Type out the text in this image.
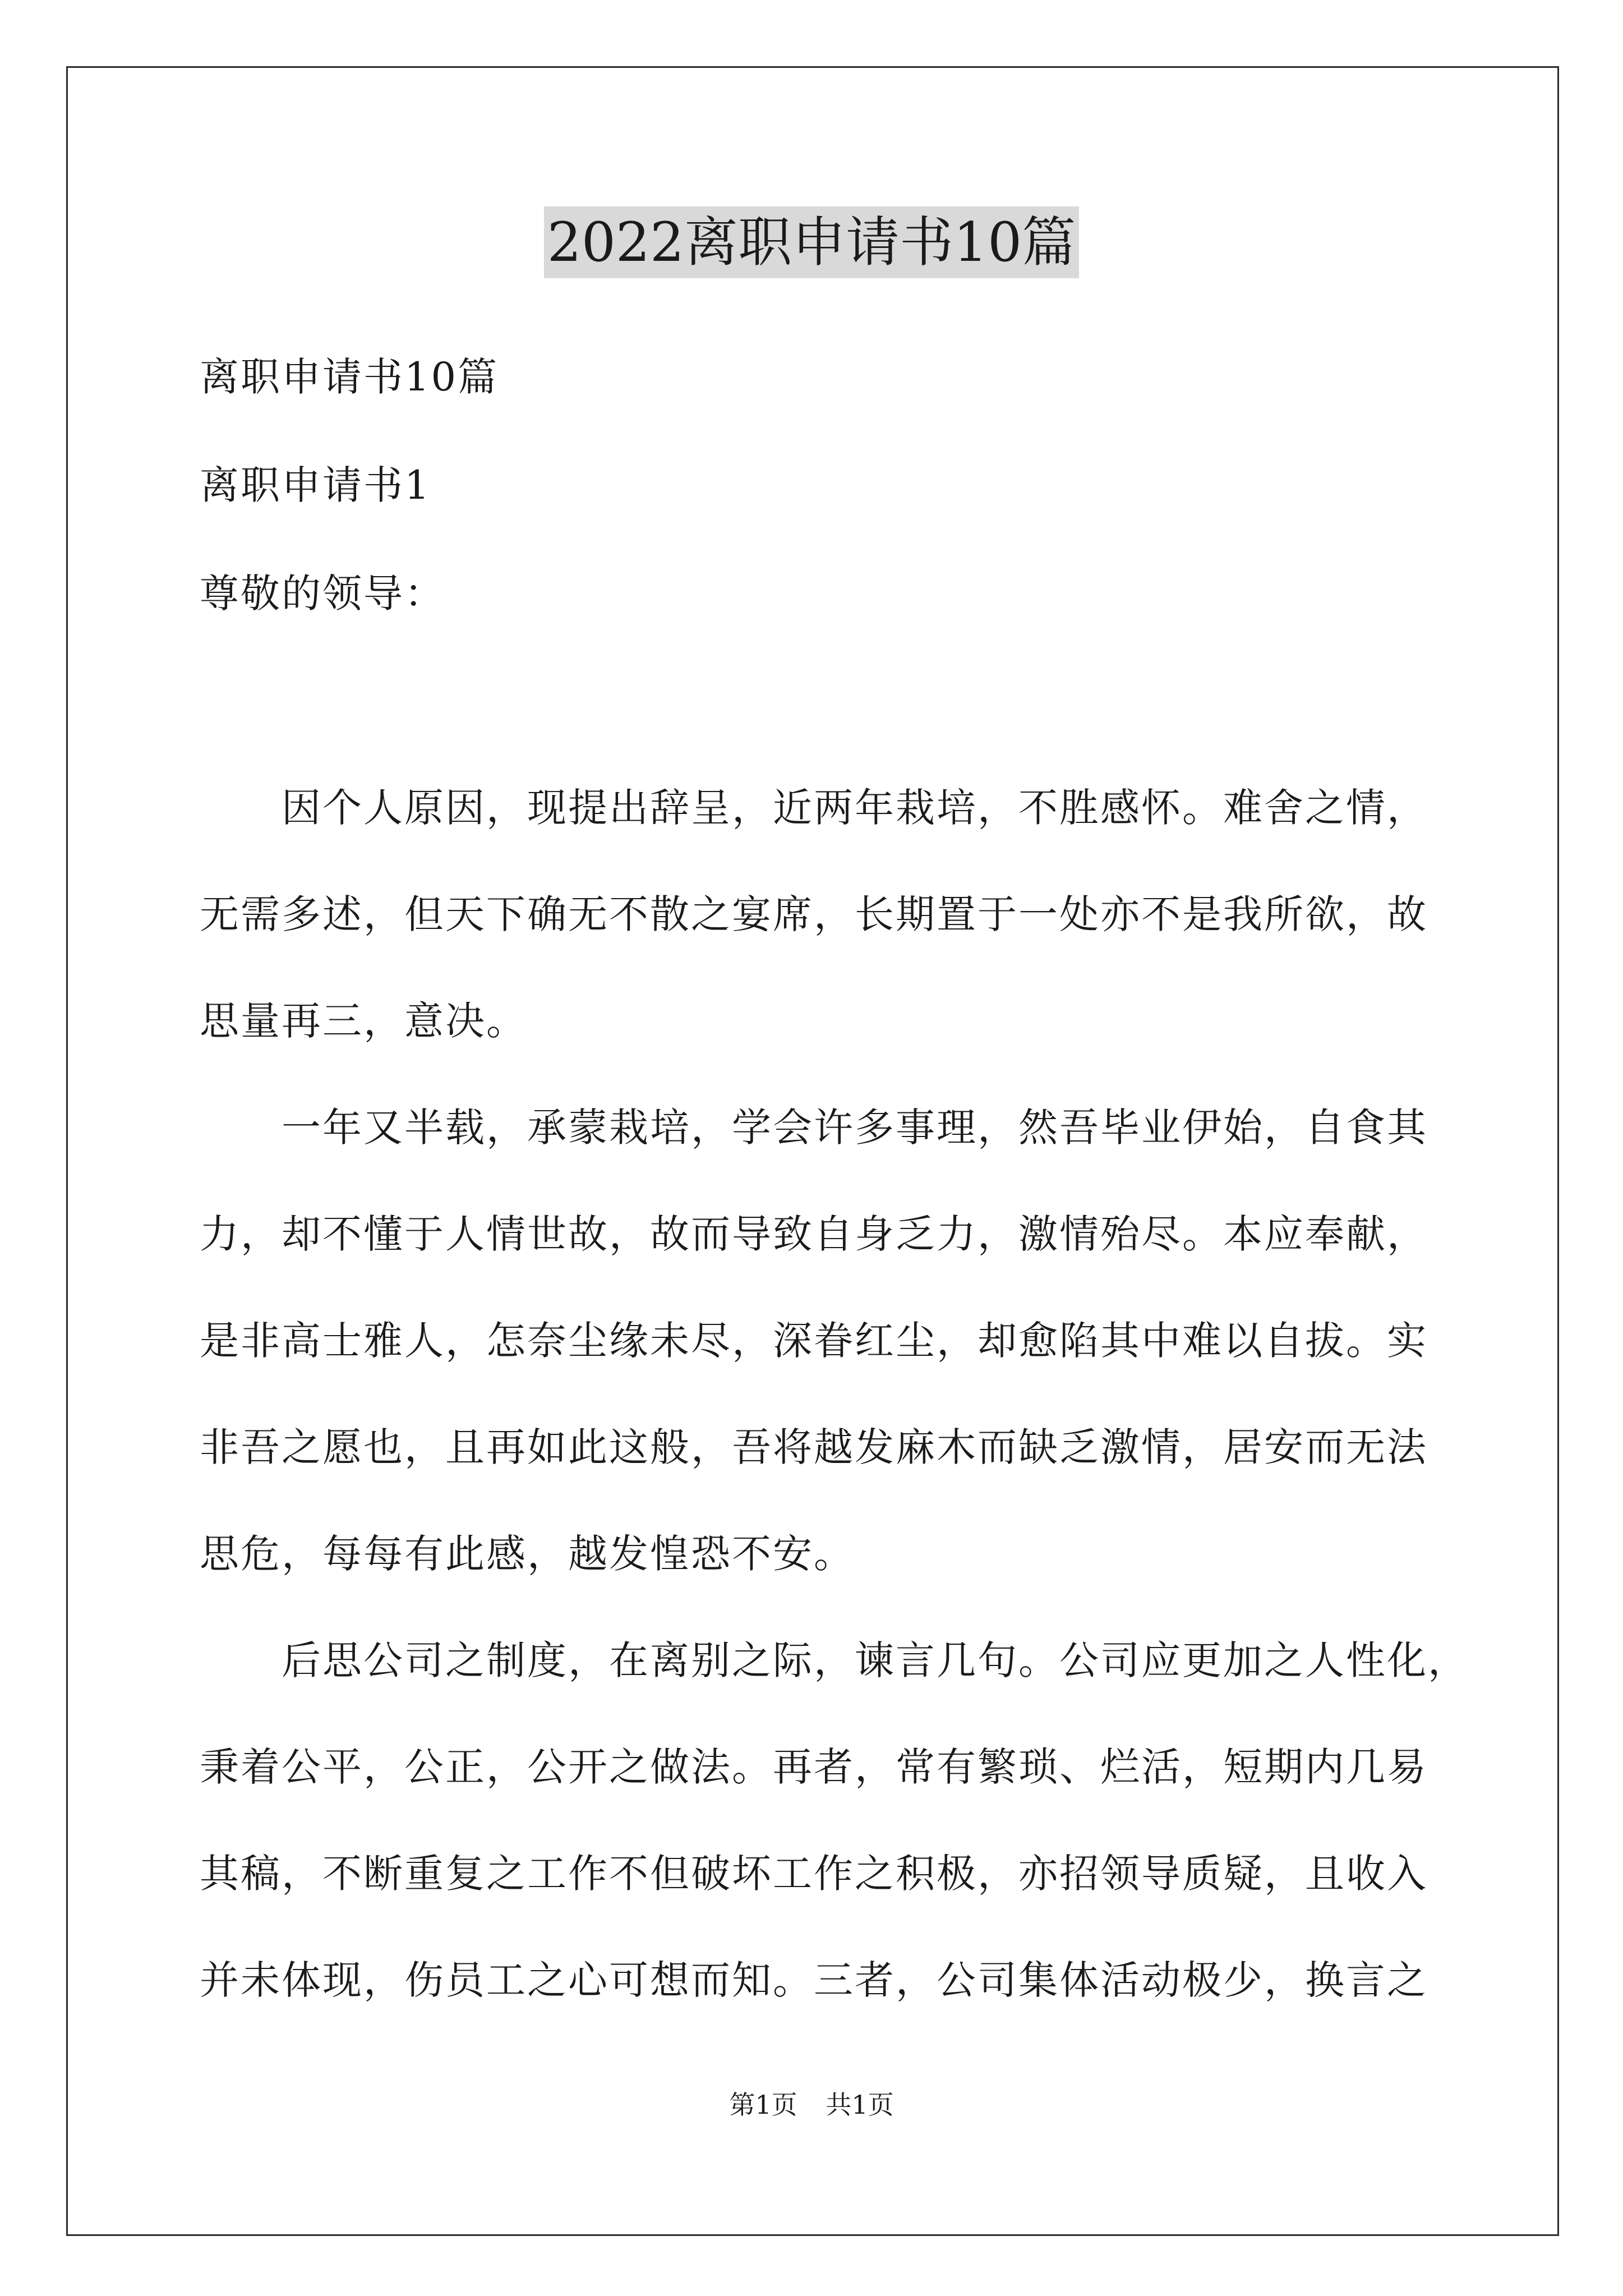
2022离职申请书10篇
离职申请书10篇
离职申请书1
尊敬的领导：
因个人原因，现提出辞呈，近两年栽培，不胜感怀。难舍之情，
无需多述，但天下确无不散之宴席，长期置于一处亦不是我所欲，故
思量再三，意决。
一年又半载，承蒙栽培，学会许多事理，然吾毕业伊始，自食其
力，却不懂于人情世故，故而导致自身乏力，激情殆尽。本应奉献，
是非高士雅人，怎奈尘缘未尽，深眷红尘，却愈陷其中难以自拔。实
非吾之愿也，且再如此这般，吾将越发麻木而缺乏激情，居安而无法
思危，每每有此感，越发惶恐不安。
后思公司之制度，在离别之际，谏言几句。公司应更加之人性化，
秉着公平，公正，公开之做法。再者，常有繁琐、烂活，短期内几易
其稿，不断重复之工作不但破坏工作之积极，亦招领导质疑，且收入
并未体现，伤员工之心可想而知。三者，公司集体活动极少，换言之
第1页 共1页
